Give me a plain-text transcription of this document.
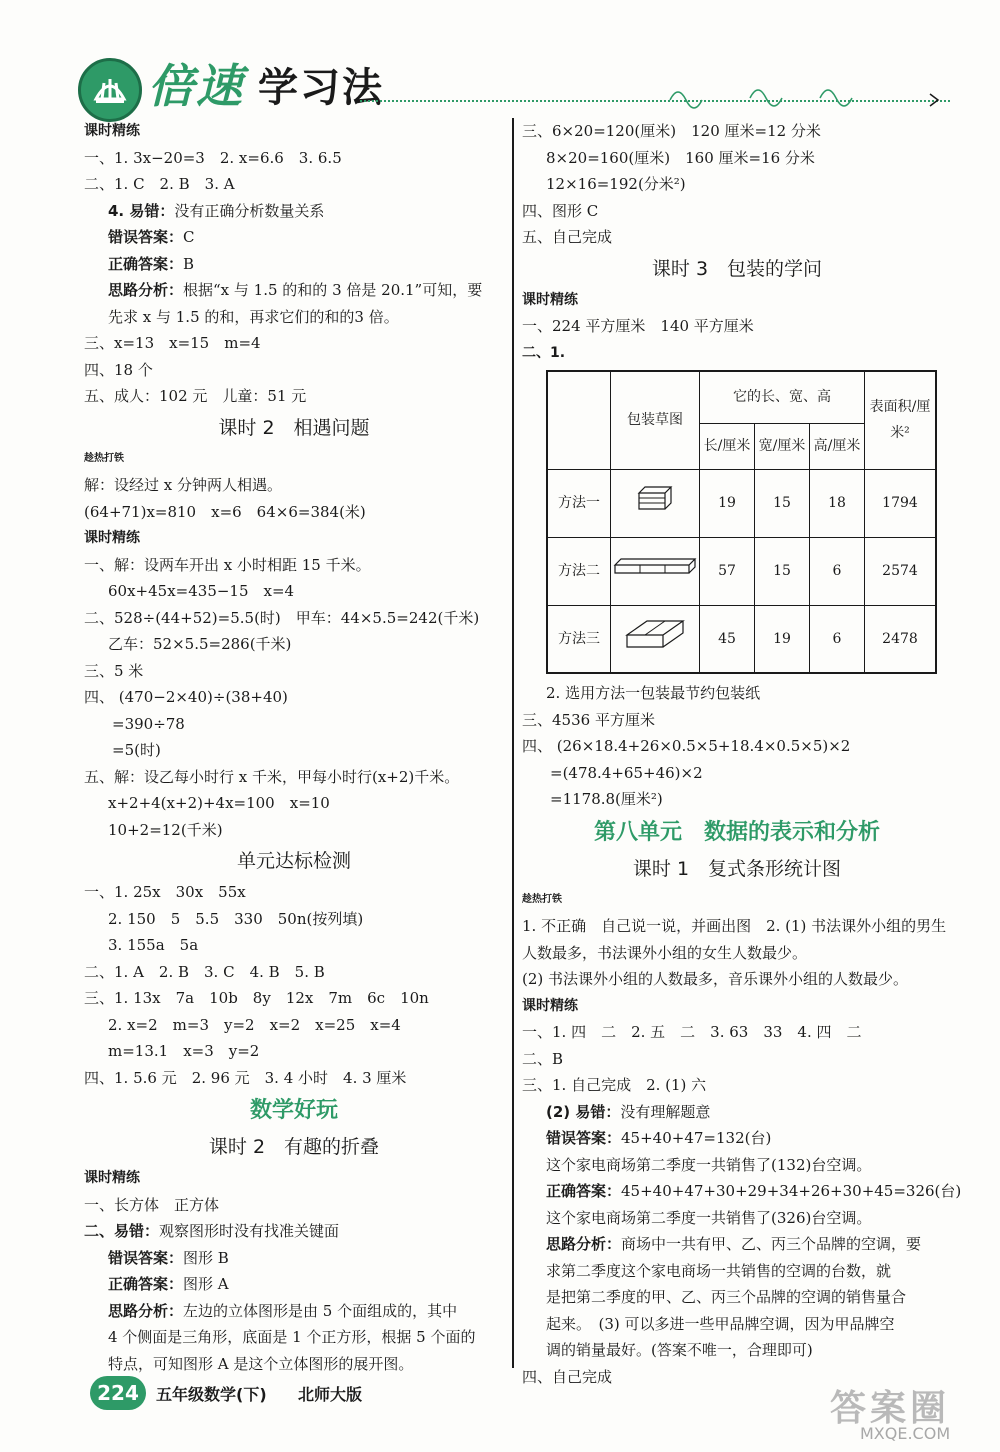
倍速 学习法
课时精练
一、1. 3x−20=3　2. x=6.6　3. 6.5
二、1. C　2. B　3. A
4. 易错：没有正确分析数量关系
错误答案：C
正确答案：B
思路分析：根据“x 与 1.5 的和的 3 倍是 20.1”可知，要
先求 x 与 1.5 的和，再求它们的和的3 倍。
三、x=13　x=15　m=4
四、18 个
五、成人：102 元　儿童：51 元
课时 2　相遇问题
趁热打铁
解：设经过 x 分钟两人相遇。
(64+71)x=810　x=6　64×6=384(米)
课时精练
一、解：设两车开出 x 小时相距 15 千米。
60x+45x=435−15　x=4
二、528÷(44+52)=5.5(时)　甲车：44×5.5=242(千米)
乙车：52×5.5=286(千米)
三、5 米
四、 (470−2×40)÷(38+40)
=390÷78
=5(时)
五、解：设乙每小时行 x 千米，甲每小时行(x+2)千米。
x+2+4(x+2)+4x=100　x=10
10+2=12(千米)
单元达标检测
一、1. 25x　30x　55x
2. 150　5　5.5　330　50n(按列填)
3. 155a　5a
二、1. A　2. B　3. C　4. B　5. B
三、1. 13x　7a　10b　8y　12x　7m　6c　10n
2. x=2　m=3　y=2　x=2　x=25　x=4
m=13.1　x=3　y=2
四、1. 5.6 元　2. 96 元　3. 4 小时　4. 3 厘米
数学好玩
课时 2　有趣的折叠
课时精练
一、长方体　正方体
二、易错：观察图形时没有找准关键面
错误答案：图形 B
正确答案：图形 A
思路分析：左边的立体图形是由 5 个面组成的，其中
4 个侧面是三角形，底面是 1 个正方形，根据 5 个面的
特点，可知图形 A 是这个立体图形的展开图。
三、6×20=120(厘米)　120 厘米=12 分米
8×20=160(厘米)　160 厘米=16 分米
12×16=192(分米²)
四、图形 C
五、自己完成
课时 3　包装的学问
课时精练
一、224 平方厘米　140 平方厘米
二、1.
	包装草图	它的长、宽、高			表面积/厘米²
		长/厘米	宽/厘米	高/厘米	
方法一		19	15	18	1794
方法二		57	15	6	2574
方法三		45	19	6	2478
2. 选用方法一包装最节约包装纸
三、4536 平方厘米
四、 (26×18.4+26×0.5×5+18.4×0.5×5)×2
=(478.4+65+46)×2
=1178.8(厘米²)
第八单元　数据的表示和分析
课时 1　复式条形统计图
趁热打铁
1. 不正确　自己说一说，并画出图　2. (1) 书法课外小组的男生人数最多，书法课外小组的女生人数最少。
(2) 书法课外小组的人数最多，音乐课外小组的人数最少。
课时精练
一、1. 四　二　2. 五　二　3. 63　33　4. 四　二
二、B
三、1. 自己完成　2. (1) 六
(2) 易错：没有理解题意
错误答案：45+40+47=132(台)
这个家电商场第二季度一共销售了(132)台空调。
正确答案：45+40+47+30+29+34+26+30+45=326(台)
这个家电商场第二季度一共销售了(326)台空调。
思路分析：商场中一共有甲、乙、丙三个品牌的空调，要
求第二季度这个家电商场一共销售的空调的台数，就
是把第二季度的甲、乙、丙三个品牌的空调的销售量合
起来。　(3) 可以多进一些甲品牌空调，因为甲品牌空
调的销量最好。(答案不唯一，合理即可)
四、自己完成
224	五年级数学(下) 北师大版	答案圈
MXQE.COM
